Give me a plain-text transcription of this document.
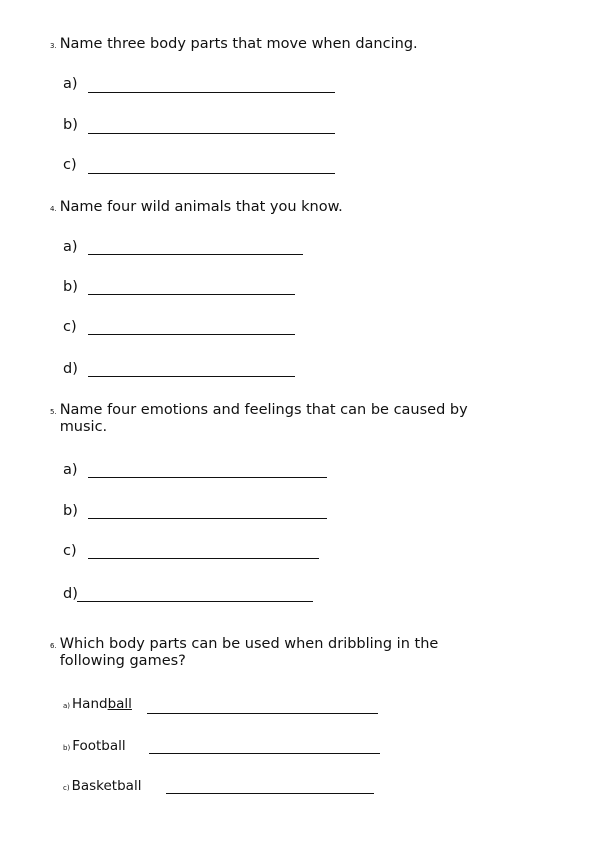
3. Name three body parts that move when dancing.
a)
b)
c)
4. Name four wild animals that you know.
a)
b)
c)
d)
5. Name four emotions and feelings that can be caused by
music.
a)
b)
c)
d)
6. Which body parts can be used when dribbling in the
following games?
a) Handball
b) Football
c) Basketball
